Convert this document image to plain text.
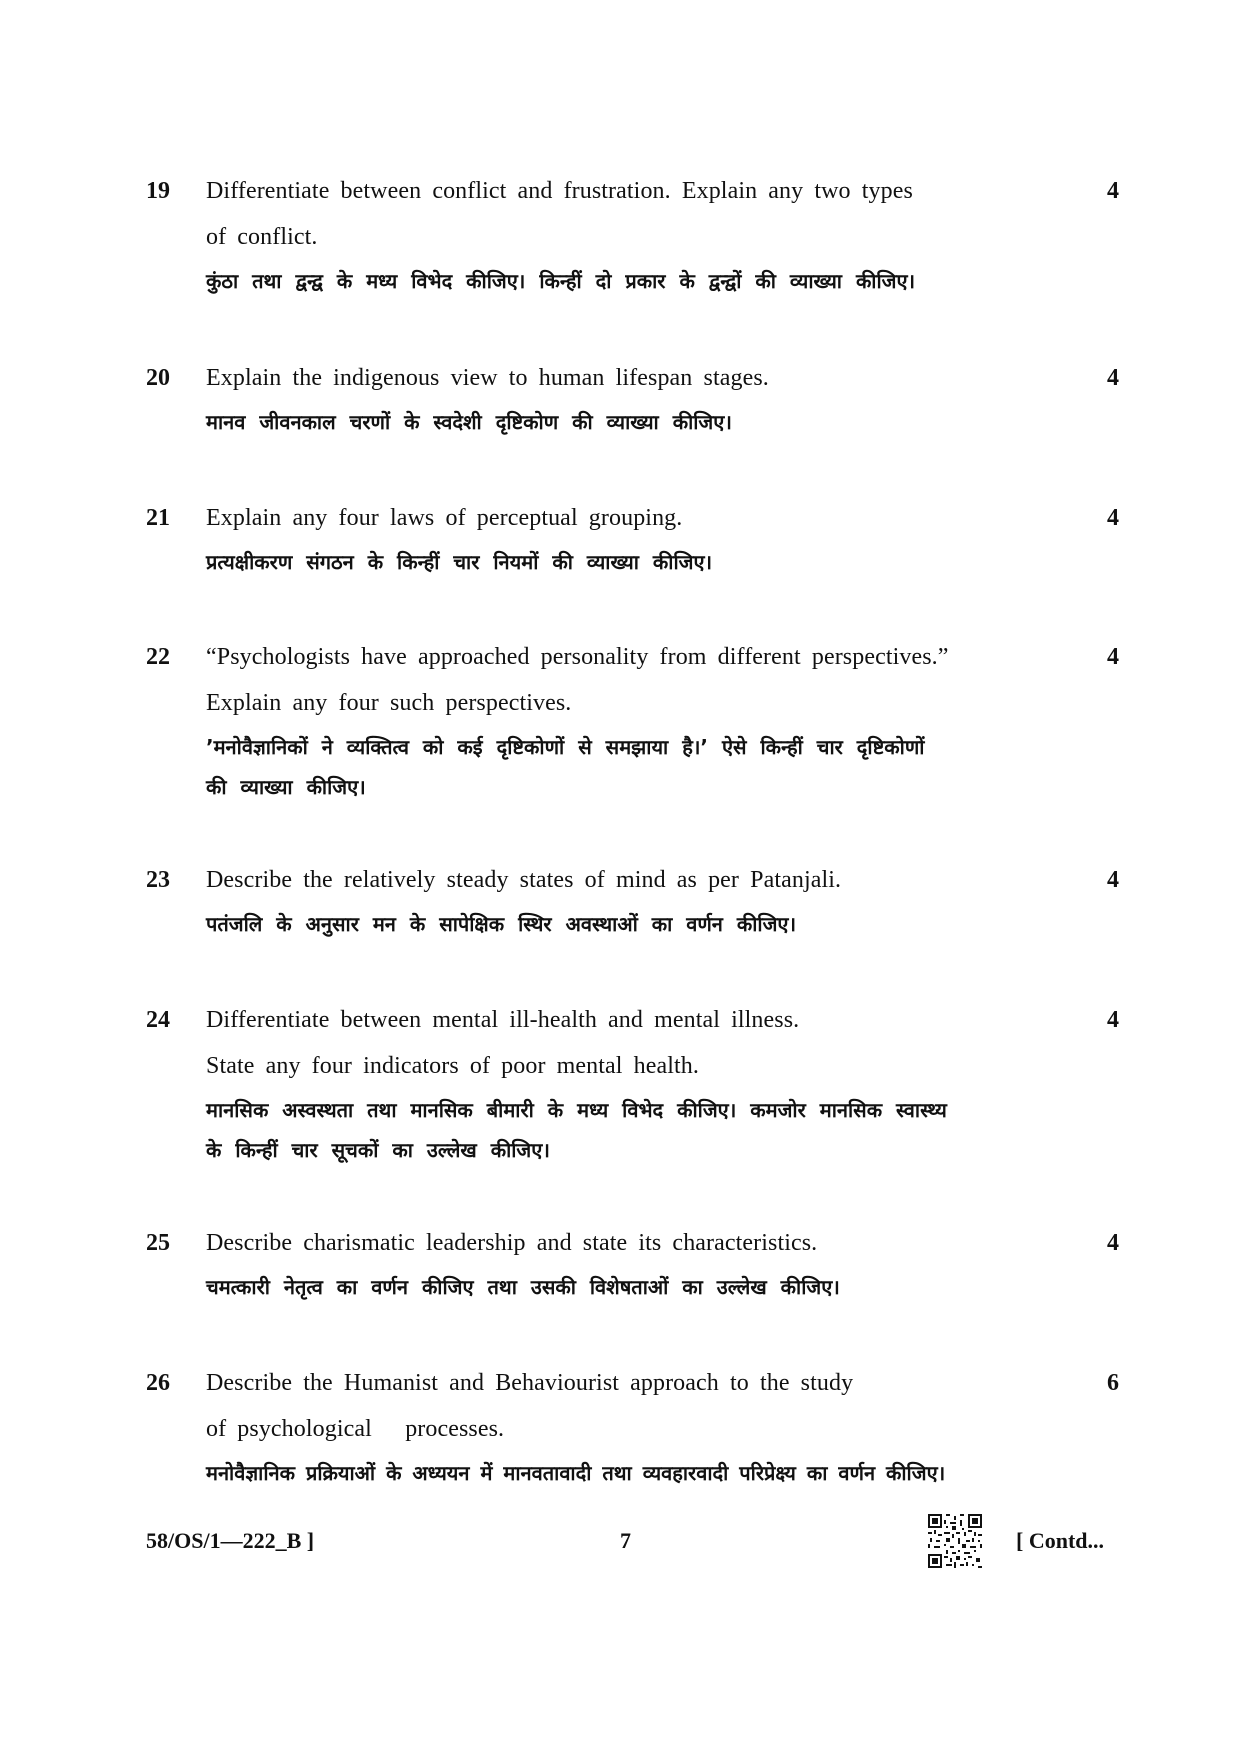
19 Differentiate between conflict and frustration. Explain any two types
of conflict.
कुंठा तथा द्वन्द्व के मध्य विभेद कीजिए। किन्हीं दो प्रकार के द्वन्द्वों की व्याख्या कीजिए।
4
20 Explain the indigenous view to human lifespan stages.
मानव जीवनकाल चरणों के स्वदेशी दृष्टिकोण की व्याख्या कीजिए।
4
21 Explain any four laws of perceptual grouping.
प्रत्यक्षीकरण संगठन के किन्हीं चार नियमों की व्याख्या कीजिए।
4
22 “Psychologists have approached personality from different perspectives.”
Explain any four such perspectives.
’मनोवैज्ञानिकों ने व्यक्तित्व को कई दृष्टिकोणों से समझाया है।’ ऐसे किन्हीं चार दृष्टिकोणों
की व्याख्या कीजिए।
4
23 Describe the relatively steady states of mind as per Patanjali.
पतंजलि के अनुसार मन के सापेक्षिक स्थिर अवस्थाओं का वर्णन कीजिए।
4
24 Differentiate between mental ill-health and mental illness.
State any four indicators of poor mental health.
मानसिक अस्वस्थता तथा मानसिक बीमारी के मध्य विभेद कीजिए। कमजोर मानसिक स्वास्थ्य
के किन्हीं चार सूचकों का उल्लेख कीजिए।
4
25 Describe charismatic leadership and state its characteristics.
चमत्कारी नेतृत्व का वर्णन कीजिए तथा उसकी विशेषताओं का उल्लेख कीजिए।
4
26 Describe the Humanist and Behaviourist approach to the study
of psychological   processes.
मनोवैज्ञानिक प्रक्रियाओं के अध्ययन में मानवतावादी तथा व्यवहारवादी परिप्रेक्ष्य का वर्णन कीजिए।
6
58/OS/1—222_B ]	7	[ Contd...
